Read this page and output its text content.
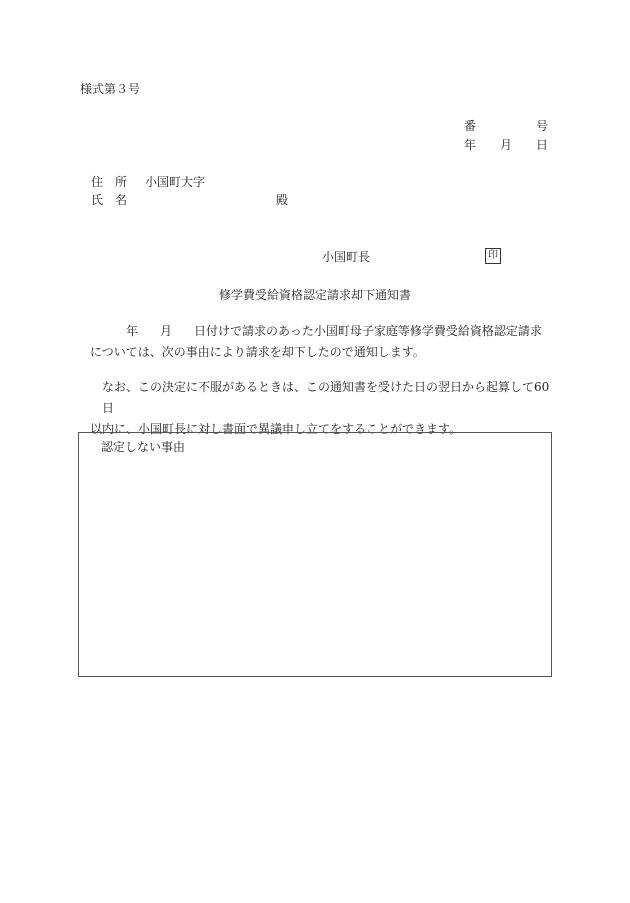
様式第３号
番	号
年 月 日
住　所 小国町大字
氏　名	殿
小国町長	印
修学費受給資格認定請求却下通知書
年 月 日付けで請求のあった小国町母子家庭等修学費受給資格認定請求
については、次の事由により請求を却下したので通知します。
なお、この決定に不服があるときは、この通知書を受けた日の翌日から起算して60日
以内に、小国町長に対し書面で異議申し立てをすることができます。
認定しない事由
